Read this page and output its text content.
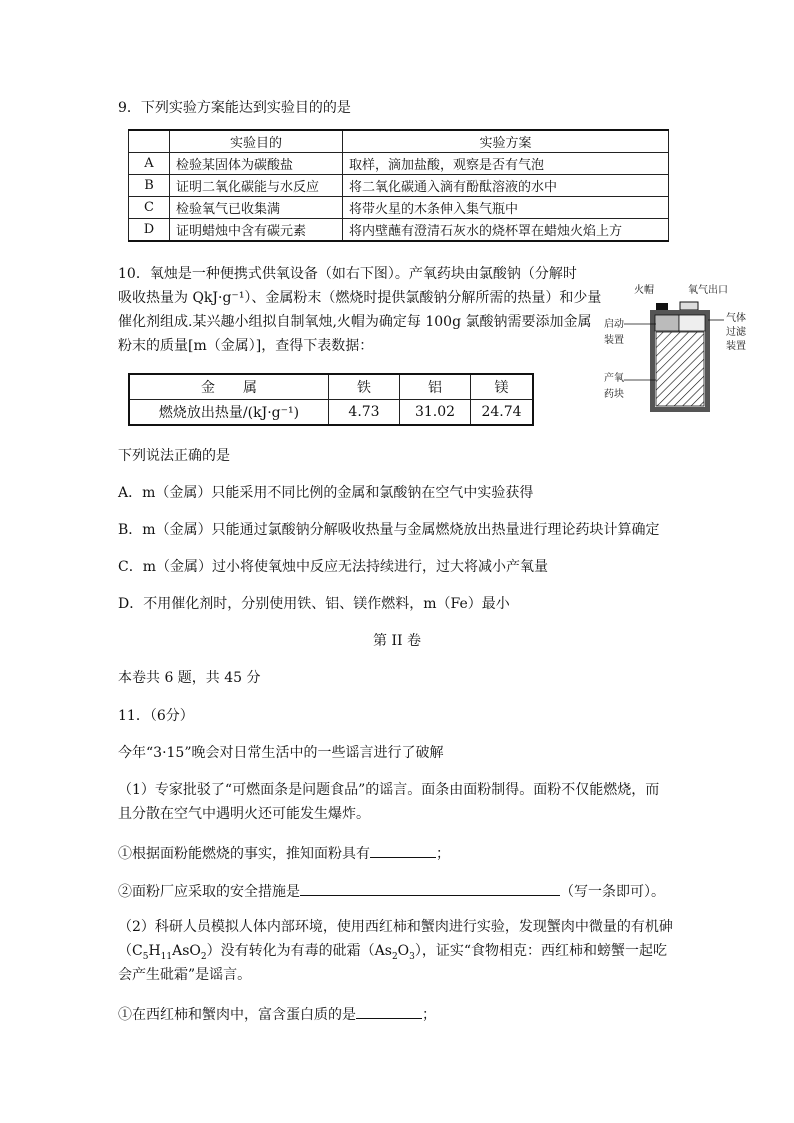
9．下列实验方案能达到实验目的的是
	实验目的	实验方案
A	检验某固体为碳酸盐	取样，滴加盐酸，观察是否有气泡
B	证明二氧化碳能与水反应	将二氧化碳通入滴有酚酞溶液的水中
C	检验氧气已收集满	将带火星的木条伸入集气瓶中
D	证明蜡烛中含有碳元素	将内壁蘸有澄清石灰水的烧杯罩在蜡烛火焰上方
10．氧烛是一种便携式供氧设备（如右下图）。产氧药块由氯酸钠（分解时
吸收热量为 QkJ·g⁻¹）、金属粉末（燃烧时提供氯酸钠分解所需的热量）和少量
催化剂组成.某兴趣小组拟自制氧烛,火帽为确定每 100g 氯酸钠需要添加金属
粉末的质量[m（金属）]，查得下表数据：
金　　属	铁	铝	镁
燃烧放出热量/(kJ·g⁻¹)	4.73	31.02	24.74
火帽	氧气出口
启动
装置
气体
过滤
装置
产氧
药块
下列说法正确的是
A．m（金属）只能采用不同比例的金属和氯酸钠在空气中实验获得
B．m（金属）只能通过氯酸钠分解吸收热量与金属燃烧放出热量进行理论药块计算确定
C．m（金属）过小将使氧烛中反应无法持续进行，过大将减小产氧量
D．不用催化剂时，分别使用铁、铝、镁作燃料，m（Fe）最小
第 II 卷
本卷共 6 题，共 45 分
11．（6分）
今年“3·15”晚会对日常生活中的一些谣言进行了破解
（1）专家批驳了“可燃面条是问题食品”的谣言。面条由面粉制得。面粉不仅能燃烧，而
且分散在空气中遇明火还可能发生爆炸。
①根据面粉能燃烧的事实，推知面粉具有	；
②面粉厂应采取的安全措施是	（写一条即可）。
（2）科研人员模拟人体内部环境，使用西红柿和蟹肉进行实验，发现蟹肉中微量的有机砷
$(C_5H_{11}AsO_2)$没有转化为有毒的砒霜$(As_2O_3)$，证实“食物相克：西红柿和螃蟹一起吃
会产生砒霜”是谣言。
①在西红柿和蟹肉中，富含蛋白质的是	；
